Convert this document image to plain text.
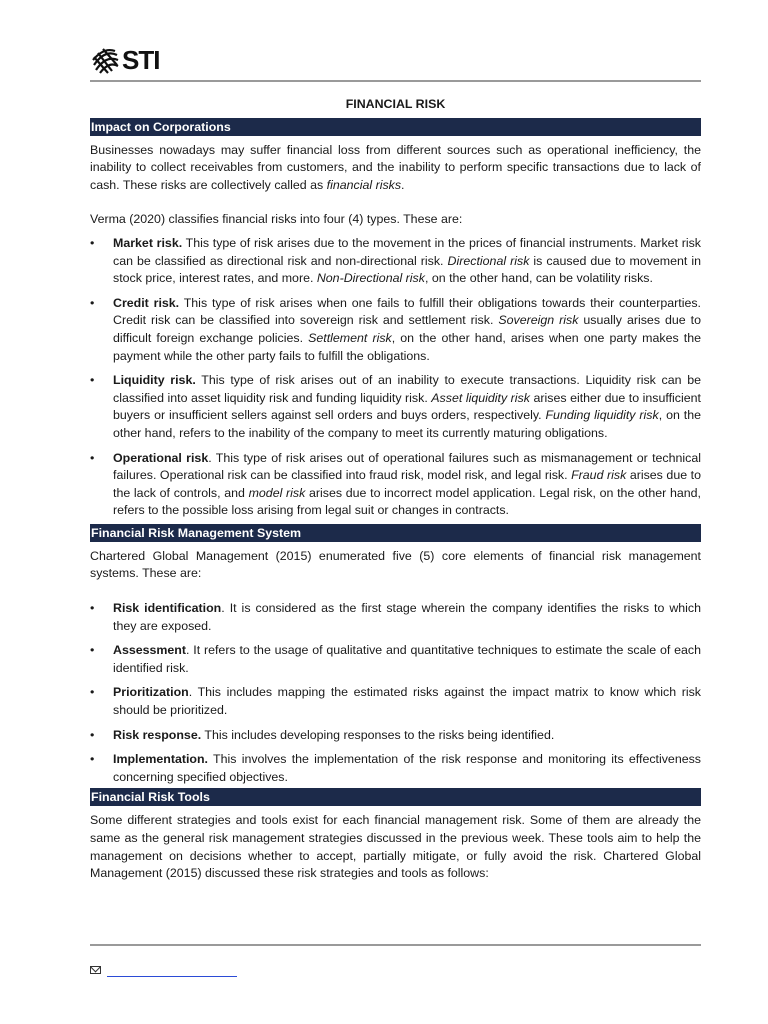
STI
FINANCIAL RISK
Impact on Corporations

Businesses nowadays may suffer financial loss from different sources such as operational inefficiency, the inability to collect receivables from customers, and the inability to perform specific transactions due to lack of cash. These risks are collectively called as financial risks.

Verma (2020) classifies financial risks into four (4) types. These are:

• Market risk. This type of risk arises due to the movement in the prices of financial instruments. Market risk can be classified as directional risk and non-directional risk. Directional risk is caused due to movement in stock price, interest rates, and more. Non-Directional risk, on the other hand, can be volatility risks.
• Credit risk. This type of risk arises when one fails to fulfill their obligations towards their counterparties. Credit risk can be classified into sovereign risk and settlement risk. Sovereign risk usually arises due to difficult foreign exchange policies. Settlement risk, on the other hand, arises when one party makes the payment while the other party fails to fulfill the obligations.
• Liquidity risk. This type of risk arises out of an inability to execute transactions. Liquidity risk can be classified into asset liquidity risk and funding liquidity risk. Asset liquidity risk arises either due to insufficient buyers or insufficient sellers against sell orders and buys orders, respectively. Funding liquidity risk, on the other hand, refers to the inability of the company to meet its currently maturing obligations.
• Operational risk. This type of risk arises out of operational failures such as mismanagement or technical failures. Operational risk can be classified into fraud risk, model risk, and legal risk. Fraud risk arises due to the lack of controls, and model risk arises due to incorrect model application. Legal risk, on the other hand, refers to the possible loss arising from legal suit or changes in contracts.
Financial Risk Management System

Chartered Global Management (2015) enumerated five (5) core elements of financial risk management systems. These are:

• Risk identification. It is considered as the first stage wherein the company identifies the risks to which they are exposed.
• Assessment. It refers to the usage of qualitative and quantitative techniques to estimate the scale of each identified risk.
• Prioritization. This includes mapping the estimated risks against the impact matrix to know which risk should be prioritized.
• Risk response. This includes developing responses to the risks being identified.
• Implementation. This involves the implementation of the risk response and monitoring its effectiveness concerning specified objectives.
Financial Risk Tools

Some different strategies and tools exist for each financial management risk. Some of them are already the same as the general risk management strategies discussed in the previous week. These tools aim to help the management on decisions whether to accept, partially mitigate, or fully avoid the risk. Chartered Global Management (2015) discussed these risk strategies and tools as follows:
